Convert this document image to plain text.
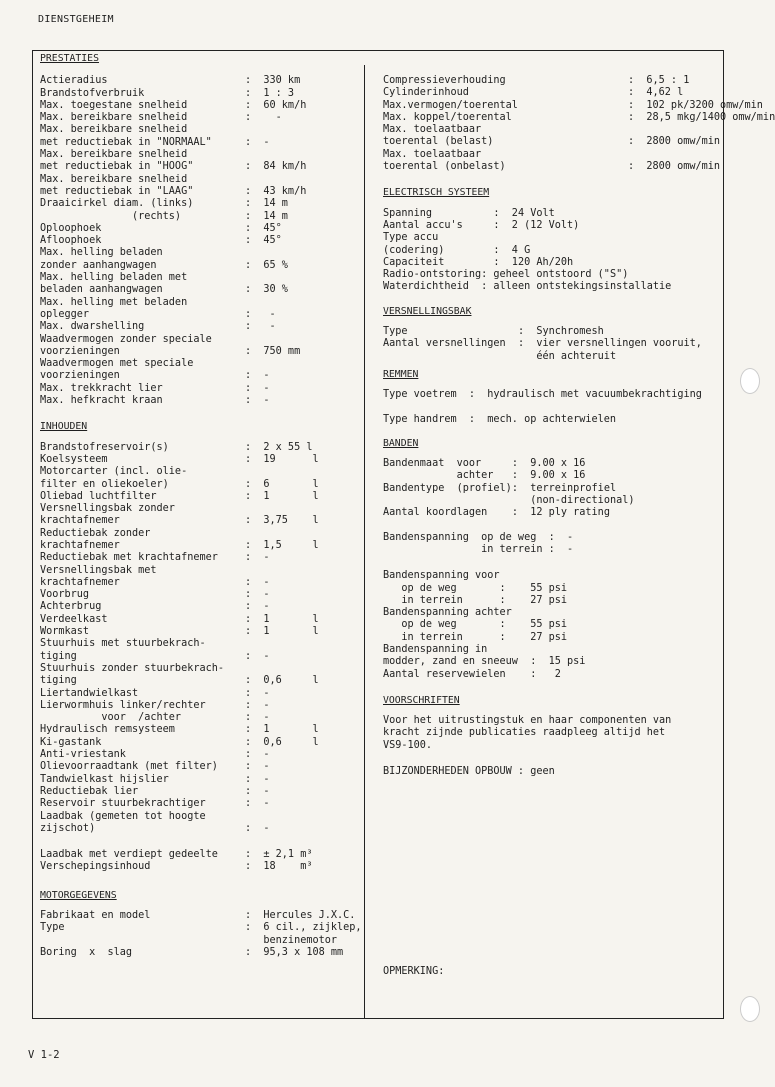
DIENSTGEHEIM
PRESTATIES
Actieradius	:  330 km
Brandstofverbruik	:  1 : 3
Max. toegestane snelheid	:  60 km/h
Max. bereikbare snelheid	:    -
Max. bereikbare snelheid
met reductiebak in "NORMAAL"	:  -
Max. bereikbare snelheid
met reductiebak in "HOOG"	:  84 km/h
Max. bereikbare snelheid
met reductiebak in "LAAG"	:  43 km/h
Draaicirkel diam. (links)	:  14 m
(rechts)	:  14 m
Oploophoek	:  45°
Afloophoek	:  45°
Max. helling beladen
zonder aanhangwagen	:  65 %
Max. helling beladen met
beladen aanhangwagen	:  30 %
Max. helling met beladen
oplegger	:   -
Max. dwarshelling	:   -
Waadvermogen zonder speciale
voorzieningen	:  750 mm
Waadvermogen met speciale
voorzieningen	:  -
Max. trekkracht lier	:  -
Max. hefkracht kraan	:  -
INHOUDEN
Brandstofreservoir(s)	:  2 x 55 l
Koelsysteem	:  19      l
Motorcarter (incl. olie-
filter en oliekoeler)	:  6       l
Oliebad luchtfilter	:  1       l
Versnellingsbak zonder
krachtafnemer	:  3,75    l
Reductiebak zonder
krachtafnemer	:  1,5     l
Reductiebak met krachtafnemer	:  -
Versnellingsbak met
krachtafnemer	:  -
Voorbrug	:  -
Achterbrug	:  -
Verdeelkast	:  1       l
Wormkast	:  1       l
Stuurhuis met stuurbekrach-
tiging	:  -
Stuurhuis zonder stuurbekrach-
tiging	:  0,6     l
Liertandwielkast	:  -
Lierwormhuis linker/rechter	:  -
voor  /achter	:  -
Hydraulisch remsysteem	:  1       l
Ki-gastank	:  0,6     l
Anti-vriestank	:  -
Olievoorraadtank (met filter)	:  -
Tandwielkast hijslier	:  -
Reductiebak lier	:  -
Reservoir stuurbekrachtiger	:  -
Laadbak (gemeten tot hoogte
zijschot)	:  -
Laadbak met verdiept gedeelte	:  ± 2,1 m³
Verschepingsinhoud	:  18    m³
MOTORGEGEVENS
Fabrikaat en model	:  Hercules J.X.C.
Type	:  6 cil., zijklep,
benzinemotor
Boring  x  slag	:  95,3 x 108 mm
Compressieverhouding	:  6,5 : 1
Cylinderinhoud	:  4,62 l
Max.vermogen/toerental	:  102 pk/3200 omw/min
Max. koppel/toerental	:  28,5 mkg/1400 omw/min
Max. toelaatbaar
toerental (belast)	:  2800 omw/min
Max. toelaatbaar
toerental (onbelast)	:  2800 omw/min
ELECTRISCH SYSTEEM
Spanning :  24 Volt
Aantal accu's :  2 (12 Volt)
Type accu
(codering) :  4 G
Capaciteit :  120 Ah/20h
Radio-ontstoring : geheel ontstoord ("S")
Waterdichtheid : alleen ontstekingsinstallatie
VERSNELLINGSBAK
Type :  Synchromesh
Aantal versnellingen :  vier versnellingen vooruit,

één achteruit
REMMEN
Type voetrem  :  hydraulisch met vacuumbekrachtiging
Type handrem  :  mech. op achterwielen
BANDEN
Bandenmaat  voor :  9.00 x 16
achter :  9.00 x 16
Bandentype  (profiel) :  terreinprofiel

(non-directional)
Aantal koordlagen :  12 ply rating
Bandenspanning  op de weg  :  -
in terrein :  -
Bandenspanning voor
op de weg       :    55 psi
in terrein      :    27 psi
Bandenspanning achter
op de weg       :    55 psi
in terrein      :    27 psi
Bandenspanning in
modder, zand en sneeuw  :  15 psi
Aantal reservewielen    :   2
VOORSCHRIFTEN
Voor het uitrustingstuk en haar componenten van
kracht zijnde publicaties raadpleeg altijd het
VS9-100.
BIJZONDERHEDEN OPBOUW : geen
OPMERKING:
V 1-2
